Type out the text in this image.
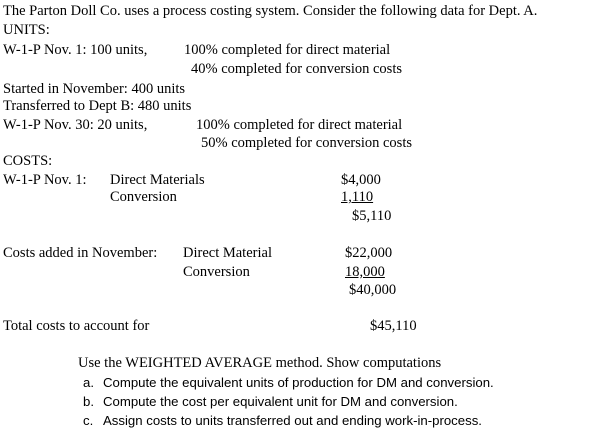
The Parton Doll Co. uses a process costing system. Consider the following data for Dept. A.
UNITS:
W-1-P Nov. 1: 100 units,	100% completed for direct material
40% completed for conversion costs
Started in November: 400 units
Transferred to Dept B: 480 units
W-1-P Nov. 30: 20 units,	100% completed for direct material
50% completed for conversion costs
COSTS:
W-1-P Nov. 1: Direct Materials	$4,000
Conversion	1,110
$5,110
Costs added in November: Direct Material	$22,000
Conversion	18,000
$40,000
Total costs to account for	$45,110
Use the WEIGHTED AVERAGE method. Show computations
a. Compute the equivalent units of production for DM and conversion.
b. Compute the cost per equivalent unit for DM and conversion.
c. Assign costs to units transferred out and ending work-in-process.
